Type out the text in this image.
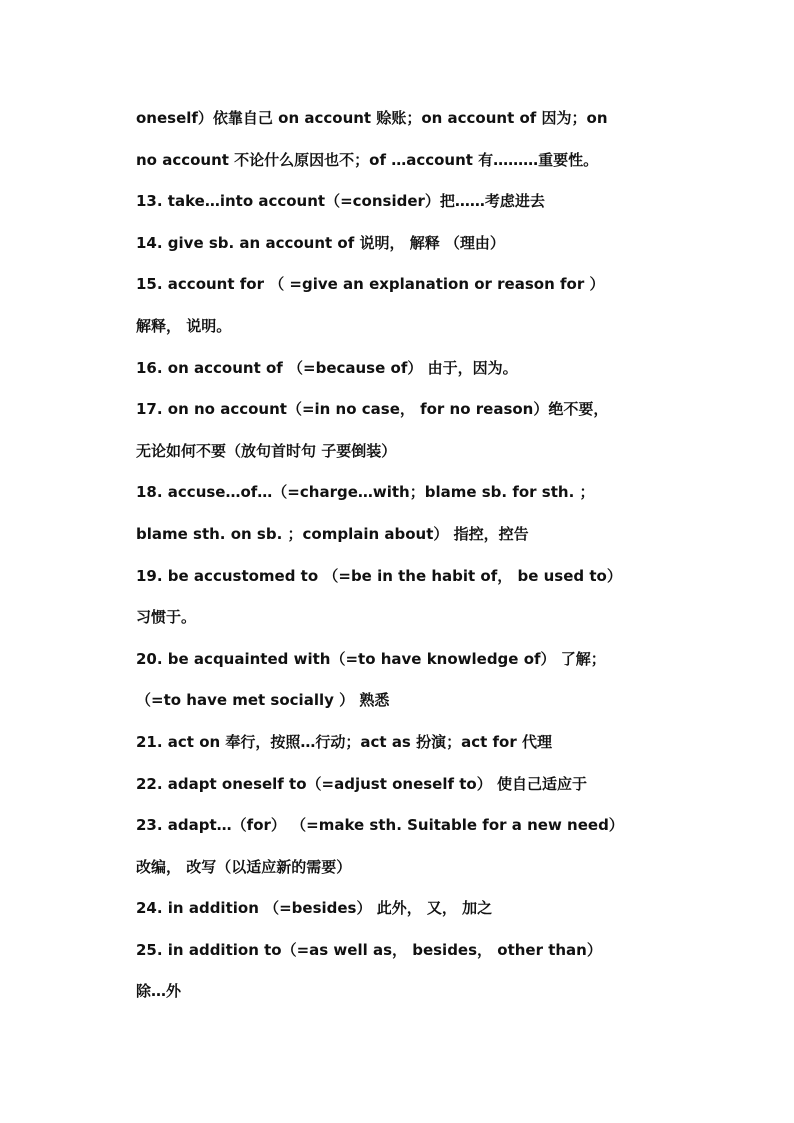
oneself）依靠自己 on account 赊账；on account of 因为；on
no account 不论什么原因也不；of …account 有………重要性。
13. take…into account（=consider）把……考虑进去
14. give sb. an account of 说明， 解释 （理由）
15. account for （ =give an explanation or reason for ）
解释， 说明。
16. on account of （=because of） 由于，因为。
17. on no account（=in no case， for no reason）绝不要，
无论如何不要（放句首时句 子要倒装）
18. accuse…of…（=charge…with；blame sb. for sth. ；
blame sth. on sb. ；complain about） 指控，控告
19. be accustomed to （=be in the habit of， be used to）
习惯于。
20. be acquainted with（=to have knowledge of） 了解；
（=to have met socially ） 熟悉
21. act on 奉行，按照…行动；act as 扮演；act for 代理
22. adapt oneself to（=adjust oneself to） 使自己适应于
23. adapt…（for） （=make sth. Suitable for a new need）
改编， 改写（以适应新的需要）
24. in addition （=besides） 此外， 又， 加之
25. in addition to（=as well as， besides， other than）
除…外
